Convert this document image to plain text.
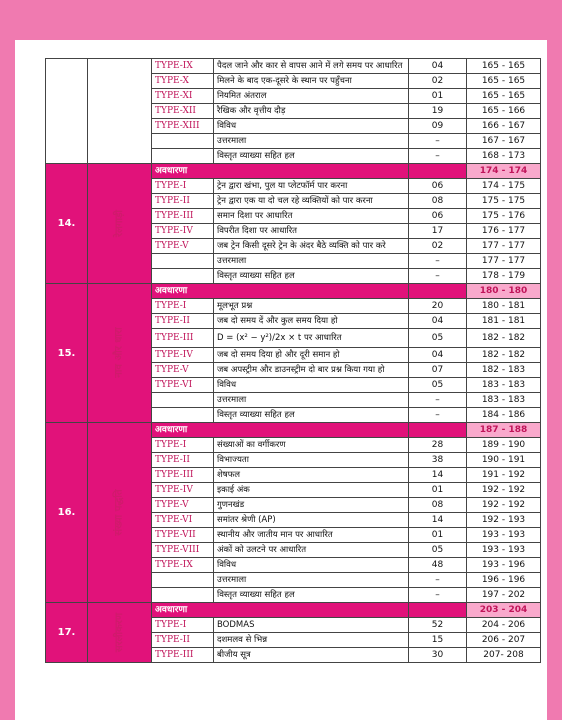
		TYPE-IX	पैदल जाने और कार से वापस आने में लगे समय पर आधारित	04	165 - 165
		TYPE-X	मिलने के बाद एक-दूसरे के स्थान पर पहुँचना	02	165 - 165
		TYPE-XI	नियमित अंतराल	01	165 - 165
		TYPE-XII	रैखिक और वृत्तीय दौड़	19	165 - 166
		TYPE-XIII	विविध	09	166 - 167
			उत्तरमाला	–	167 - 167
			विस्तृत व्याख्या सहित हल	–	168 - 173
14.	रेलगाड़ी	अवधारणा			174 - 174
		TYPE-I	ट्रेन द्वारा खंभा, पुल या प्लेटफॉर्म पार करना	06	174 - 175
		TYPE-II	ट्रेन द्वारा एक या दो चल रहे व्यक्तियों को पार करना	08	175 - 175
		TYPE-III	समान दिशा पर आधारित	06	175 - 176
		TYPE-IV	विपरीत दिशा पर आधारित	17	176 - 177
		TYPE-V	जब ट्रेन किसी दूसरे ट्रेन के अंदर बैठे व्यक्ति को पार करे	02	177 - 177
			उत्तरमाला	–	177 - 177
			विस्तृत व्याख्या सहित हल	–	178 - 179
15.	नाव और धारा	अवधारणा			180 - 180
		TYPE-I	मूलभूत प्रश्न	20	180 - 181
		TYPE-II	जब दो समय दें और कुल समय दिया हो	04	181 - 181
		TYPE-III	D = (x² − y²)/2x × t पर आधारित	05	182 - 182
		TYPE-IV	जब दो समय दिया हो और दूरी समान हो	04	182 - 182
		TYPE-V	जब अपस्ट्रीम और डाउनस्ट्रीम दो बार प्रश्न किया गया हो	07	182 - 183
		TYPE-VI	विविध	05	183 - 183
			उत्तरमाला	–	183 - 183
			विस्तृत व्याख्या सहित हल	–	184 - 186
16.	संख्या पद्धति	अवधारणा			187 - 188
		TYPE-I	संख्याओं का वर्गीकरण	28	189 - 190
		TYPE-II	विभाज्यता	38	190 - 191
		TYPE-III	शेषफल	14	191 - 192
		TYPE-IV	इकाई अंक	01	192 - 192
		TYPE-V	गुणनखंड	08	192 - 192
		TYPE-VI	समांतर श्रेणी (AP)	14	192 - 193
		TYPE-VII	स्थानीय और जातीय मान पर आधारित	01	193 - 193
		TYPE-VIII	अंकों को उलटने पर आधारित	05	193 - 193
		TYPE-IX	विविध	48	193 - 196
			उत्तरमाला	–	196 - 196
			विस्तृत व्याख्या सहित हल	–	197 - 202
17.	सरलीकरण	अवधारणा			203 - 204
		TYPE-I	BODMAS	52	204 - 206
		TYPE-II	दशमलव से भिन्न	15	206 - 207
		TYPE-III	बीजीय सूत्र	30	207- 208
